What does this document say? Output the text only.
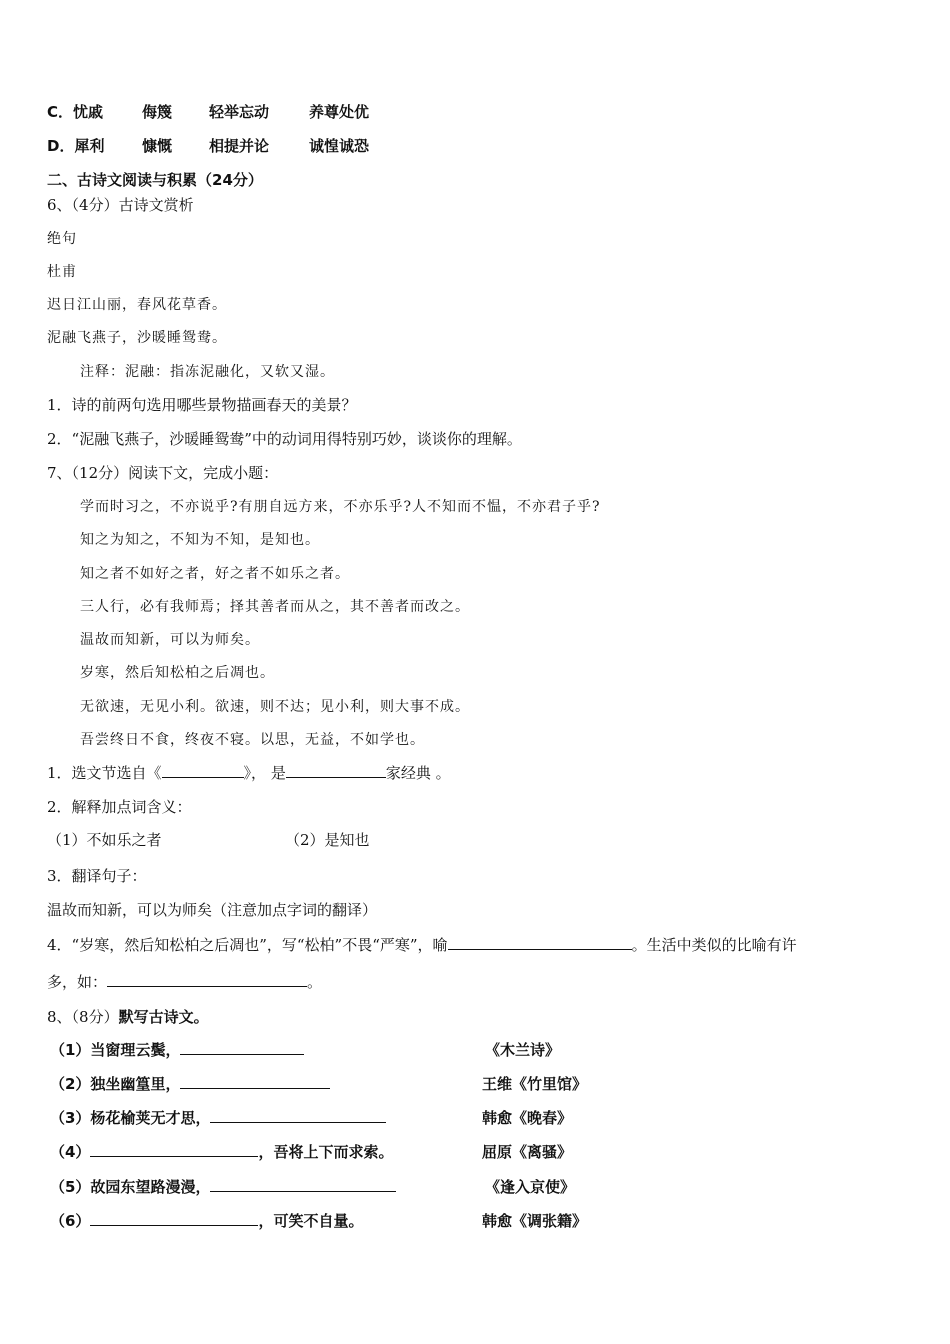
C．忧戚	侮篾 轻举忘动	养尊处优
D．犀利	慷慨 相提并论	诚惶诚恐
二、古诗文阅读与积累（24分）
6、（4分）古诗文赏析
绝句
杜甫
迟日江山丽，春风花草香。
泥融飞燕子，沙暖睡鸳鸯。
注释：泥融：指冻泥融化，又软又湿。
1．诗的前两句选用哪些景物描画春天的美景？
2．“泥融飞燕子，沙暖睡鸳鸯”中的动词用得特别巧妙，谈谈你的理解。
7、（12分）阅读下文，完成小题：
学而时习之，不亦说乎?有朋自远方来，不亦乐乎?人不知而不愠，不亦君子乎?
知之为知之，不知为不知，是知也。
知之者不如好之者，好之者不如乐之者。
三人行，必有我师焉；择其善者而从之，其不善者而改之。
温故而知新，可以为师矣。
岁寒，然后知松柏之后凋也。
无欲速，无见小利。欲速，则不达；见小利，则大事不成。
吾尝终日不食，终夜不寝。以思，无益，不如学也。
1．选文节选自《	》， 是	家经典 。
2．解释加点词含义：
（1）不如乐之者	（2）是知也
3．翻译句子：
温故而知新，可以为师矣（注意加点字词的翻译）
4．“岁寒，然后知松柏之后凋也”，写“松柏”不畏“严寒”，喻	。生活中类似的比喻有许
多，如：	。
8、（8分）默写古诗文。
（1）当窗理云鬓，	《木兰诗》
（2）独坐幽篁里，	王维《竹里馆》
（3）杨花榆荚无才思，	韩愈《晚春》
（4）	，吾将上下而求索。	屈原《离骚》
（5）故园东望路漫漫，	《逢入京使》
（6）	，可笑不自量。	韩愈《调张籍》
